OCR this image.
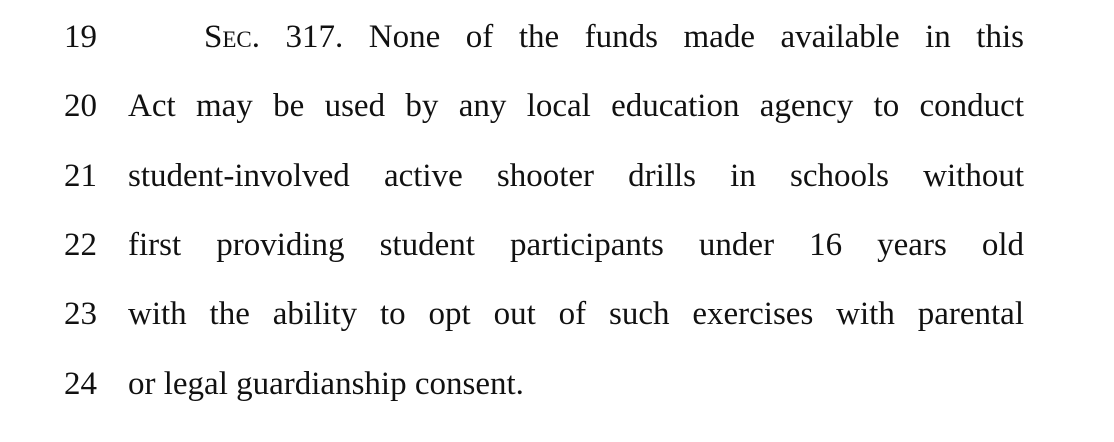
19	Sec. 317. None of the funds made available in this
20 Act may be used by any local education agency to conduct
21 student-involved active shooter drills in schools without
22 first providing student participants under 16 years old
23 with the ability to opt out of such exercises with parental
24 or legal guardianship consent.
